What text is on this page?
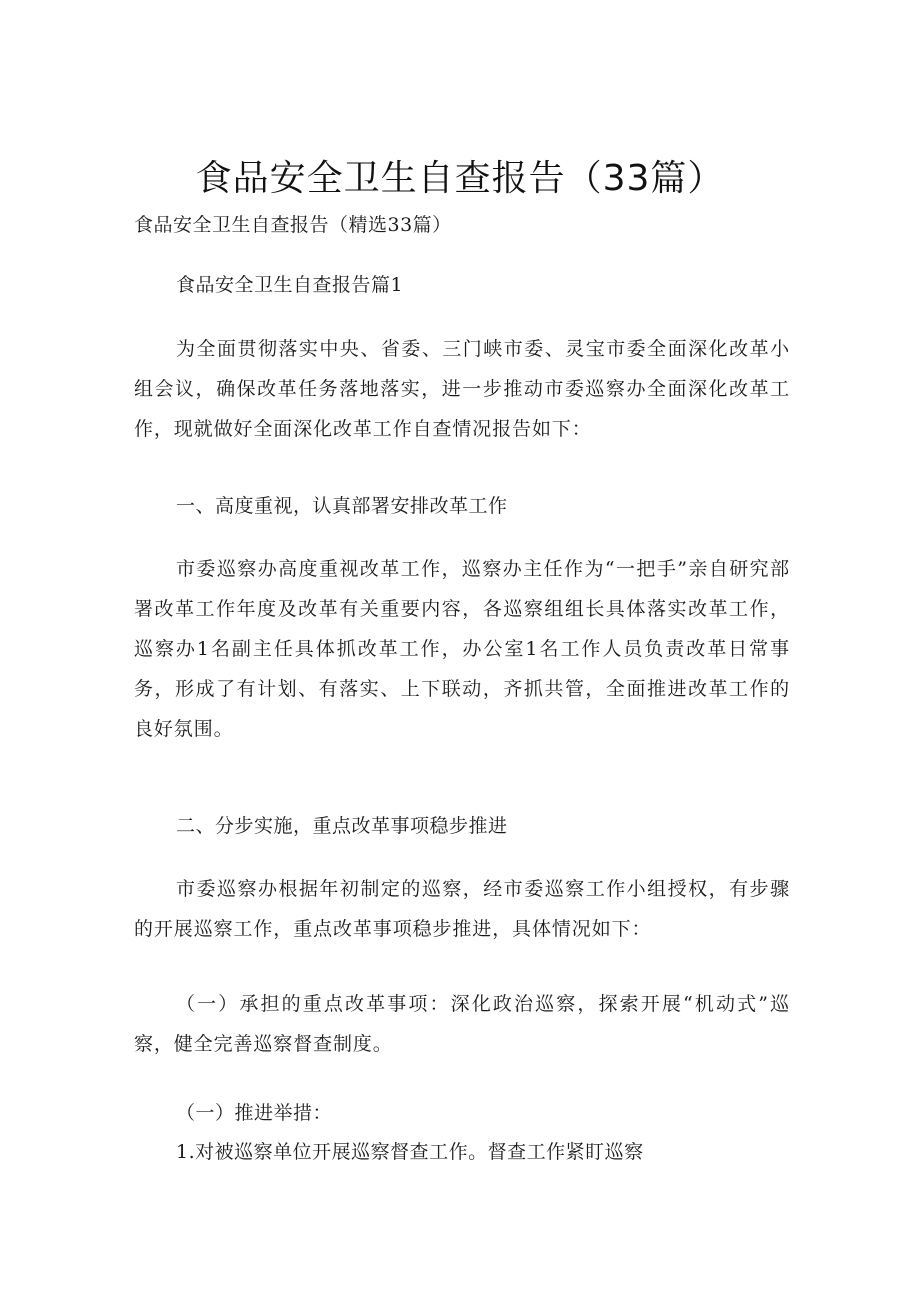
食品安全卫生自查报告（33篇）
食品安全卫生自查报告（精选33篇）
食品安全卫生自查报告篇1
为全面贯彻落实中央、省委、三门峡市委、灵宝市委全面深化改革小组会议，确保改革任务落地落实，进一步推动市委巡察办全面深化改革工作，现就做好全面深化改革工作自查情况报告如下：
一、高度重视，认真部署安排改革工作
市委巡察办高度重视改革工作，巡察办主任作为“一把手”亲自研究部署改革工作年度及改革有关重要内容，各巡察组组长具体落实改革工作，巡察办1名副主任具体抓改革工作，办公室1名工作人员负责改革日常事务，形成了有计划、有落实、上下联动，齐抓共管，全面推进改革工作的良好氛围。
二、分步实施，重点改革事项稳步推进
市委巡察办根据年初制定的巡察，经市委巡察工作小组授权，有步骤的开展巡察工作，重点改革事项稳步推进，具体情况如下：
（一）承担的重点改革事项：深化政治巡察，探索开展“机动式”巡察，健全完善巡察督查制度。
（一）推进举措：
1.对被巡察单位开展巡察督查工作。督查工作紧盯巡察
